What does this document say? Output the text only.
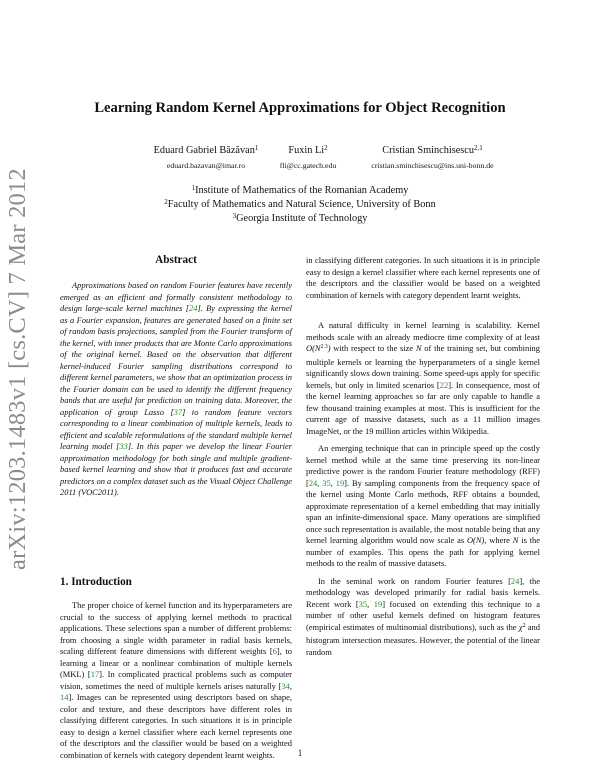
arXiv:1203.1483v1 [cs.CV] 7 Mar 2012
Learning Random Kernel Approximations for Object Recognition
Eduard Gabriel Băzăvan$^1$
eduard.bazavan@imar.ro
Fuxin Li$^2$
fli@cc.gatech.edu
Cristian Sminchisescu$^{2,1}$
cristian.sminchisescu@ins.uni-bonn.de
$^1$Institute of Mathematics of the Romanian Academy
$^2$Faculty of Mathematics and Natural Science, University of Bonn
$^3$Georgia Institute of Technology
Abstract

Approximations based on random Fourier features have recently emerged as an efficient and formally consistent methodology to design large-scale kernel machines [24]. By expressing the kernel as a Fourier expansion, features are generated based on a finite set of random basis projections, sampled from the Fourier transform of the kernel, with inner products that are Monte Carlo approximations of the original kernel. Based on the observation that different kernel-induced Fourier sampling distributions correspond to different kernel parameters, we show that an optimization process in the Fourier domain can be used to identify the different frequency bands that are useful for prediction on training data. Moreover, the application of group Lasso [37] to random feature vectors corresponding to a linear combination of multiple kernels, leads to efficient and scalable reformulations of the standard multiple kernel learning model [33]. In this paper we develop the linear Fourier approximation methodology for both single and multiple gradient-based kernel learning and show that it produces fast and accurate predictors on a complex dataset such as the Visual Object Challenge 2011 (VOC2011).

1. Introduction

The proper choice of kernel function and its hyperparameters are crucial to the success of applying kernel methods to practical applications. These selections span a number of different problems: from choosing a single width parameter in radial basis kernels, scaling different feature dimensions with different weights [6], to learning a linear or a nonlinear combination of multiple kernels (MKL) [17]. In complicated practical problems such as computer vision, sometimes the need of multiple kernels arises naturally [34, 14]. Images can be represented using descriptors based on shape, color and texture, and these descriptors have different roles in classifying different categories. In such situations it is in principle easy to design a kernel classifier where each kernel represents one of the descriptors and the classifier would be based on a weighted combination of kernels with category dependent learnt weights.

in classifying different categories. In such situations it is in principle easy to design a kernel classifier where each kernel represents one of the descriptors and the classifier would be based on a weighted combination of kernels with category dependent learnt weights.

A natural difficulty in kernel learning is scalability. Kernel methods scale with an already mediocre time complexity of at least $O(N^{2.3})$ with respect to the size N of the training set, but combining multiple kernels or learning the hyperparameters of a single kernel significantly slows down training. Some speed-ups apply for specific kernels, but only in limited scenarios [22]. In consequence, most of the kernel learning approaches so far are only capable to handle a few thousand training examples at most. This is insufficient for the current age of massive datasets, such as a 11 million images ImageNet, or the 19 million articles within Wikipedia.

An emerging technique that can in principle speed up the costly kernel method while at the same time preserving its non-linear predictive power is the random Fourier feature methodology (RFF) [24, 35, 19]. By sampling components from the frequency space of the kernel using Monte Carlo methods, RFF obtains a bounded, approximate representation of a kernel embedding that may initially span an infinite-dimensional space. Many operations are simplified once such representation is available, the most notable being that any kernel learning algorithm would now scale as O(N), where N is the number of examples. This opens the path for applying kernel methods to the realm of massive datasets.

In the seminal work on random Fourier features [24], the methodology was developed primarily for radial basis kernels. Recent work [35, 19] focused on extending this technique to a number of other useful kernels defined on histogram features (empirical estimates of multinomial distributions), such as the $\chi^2$ and histogram intersection measures. However, the potential of the linear random

1
